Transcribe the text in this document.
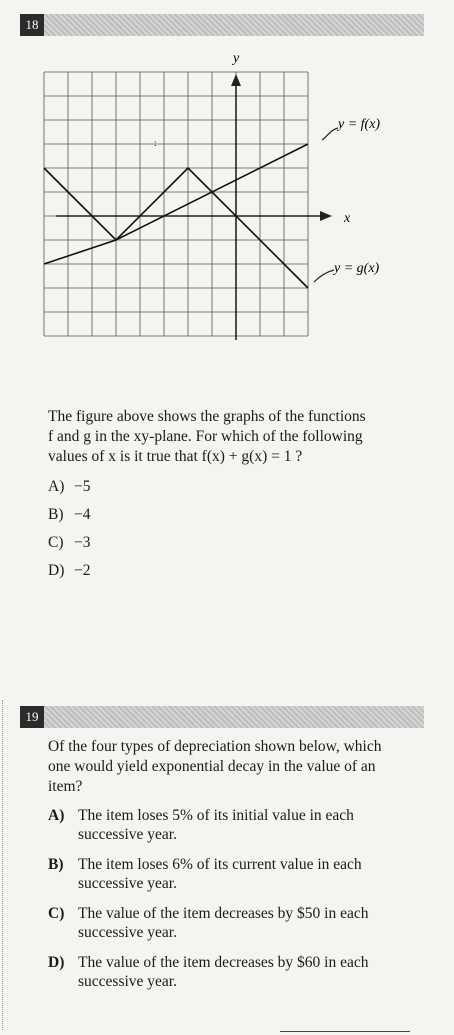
18
y
x
:
y = f(x)
y = g(x)
The figure above shows the graphs of the functions
f and g in the xy-plane. For which of the following
values of x is it true that f(x) + g(x) = 1 ?
A) −5
B) −4
C) −3
D) −2
19
Of the four types of depreciation shown below, which
one would yield exponential decay in the value of an
item?
A) The item loses 5% of its initial value in each
successive year.
B) The item loses 6% of its current value in each
successive year.
C) The value of the item decreases by $50 in each
successive year.
D) The value of the item decreases by $60 in each
successive year.
